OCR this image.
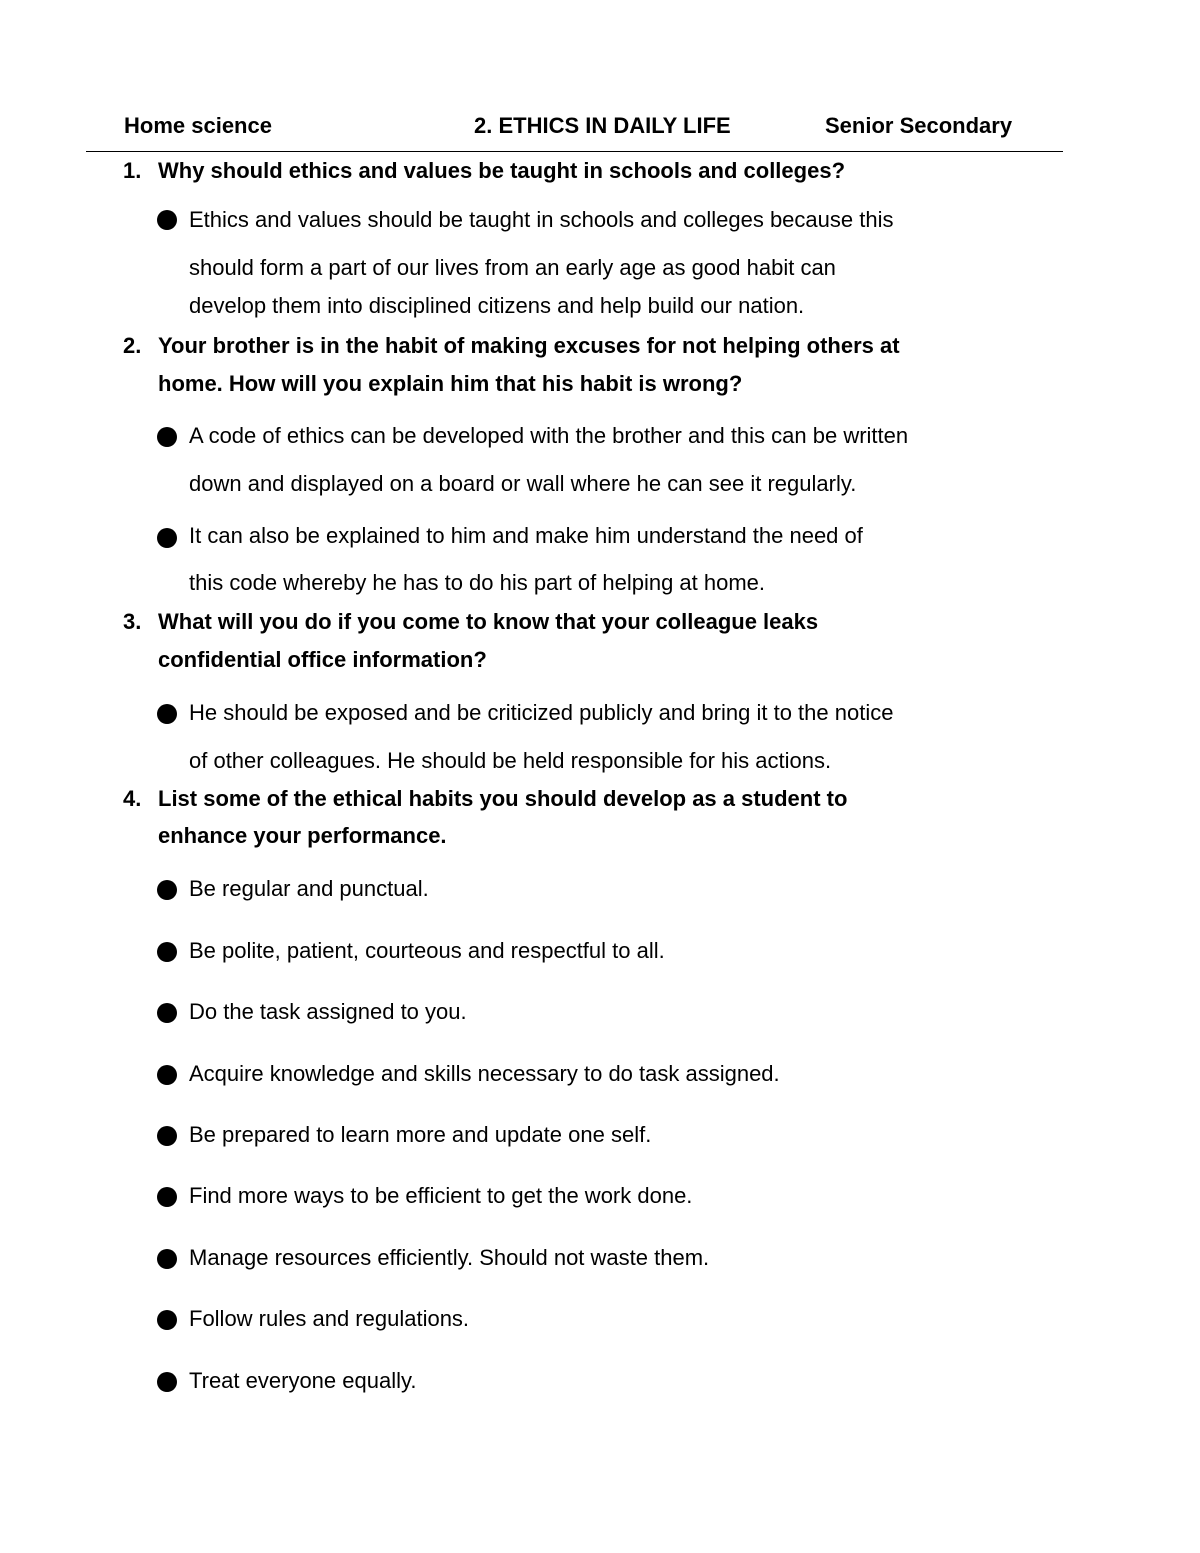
Home science	2. ETHICS IN DAILY LIFE	Senior Secondary
1. Why should ethics and values be taught in schools and colleges?
Ethics and values should be taught in schools and colleges because this
should form a part of our lives from an early age as good habit can
develop them into disciplined citizens and help build our nation.
2. Your brother is in the habit of making excuses for not helping others at
home. How will you explain him that his habit is wrong?
A code of ethics can be developed with the brother and this can be written
down and displayed on a board or wall where he can see it regularly.
It can also be explained to him and make him understand the need of
this code whereby he has to do his part of helping at home.
3. What will you do if you come to know that your colleague leaks
confidential office information?
He should be exposed and be criticized publicly and bring it to the notice
of other colleagues. He should be held responsible for his actions.
4. List some of the ethical habits you should develop as a student to
enhance your performance.
Be regular and punctual.
Be polite, patient, courteous and respectful to all.
Do the task assigned to you.
Acquire knowledge and skills necessary to do task assigned.
Be prepared to learn more and update one self.
Find more ways to be efficient to get the work done.
Manage resources efficiently. Should not waste them.
Follow rules and regulations.
Treat everyone equally.
